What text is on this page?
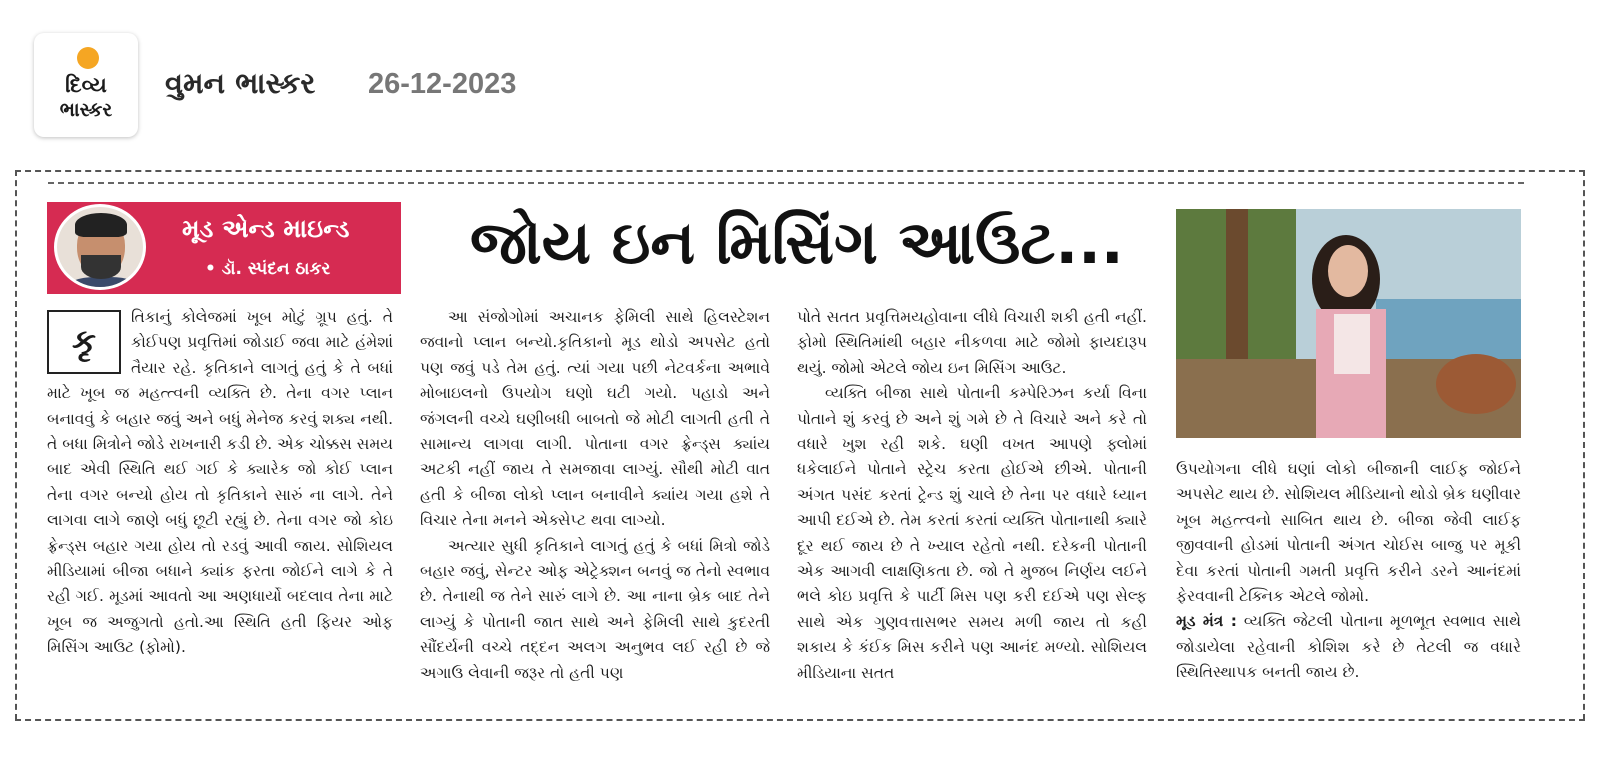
દિવ્ય
ભાસ્કર
વુમન ભાસ્કર 26-12-2023
મૂડ એન્ડ માઇન્ડ
• ડૉ. સ્પંદન ઠાકર જોય ઇન મિસિંગ આઉટ...

તિકાનું કોલેજમાં ખૂબ મોટું ગ્રૂપ હતું. તે કોઈપણ પ્રવૃત્તિમાં જોડાઈ જવા માટે હંમેશાં તૈયાર રહે. કૃતિકાને લાગતું હતું કે તે બધાં માટે ખૂબ જ મહત્ત્વની વ્યક્તિ છે. તેના વગર પ્લાન બનાવવું કે બહાર જવું અને બધું મેનેજ કરવું શક્ય નથી. તે બધા મિત્રોને જોડે રાખનારી કડી છે. એક ચોક્કસ સમય બાદ એવી સ્થિતિ થઈ ગઈ કે ક્યારેક જો કોઈ પ્લાન તેના વગર બન્યો હોય તો કૃતિકાને સારું ના લાગે. તેને લાગવા લાગે જાણે બધું છૂટી રહ્યું છે. તેના વગર જો કોઇ ફ્રેન્ડ્સ બહાર ગયા હોય તો રડવું આવી જાય. સોશિયલ મીડિયામાં બીજા બધાને ક્યાંક ફરતા જોઈને લાગે કે તે રહી ગઈ. મૂડમાં આવતો આ અણધાર્યો બદલાવ તેના માટે ખૂબ જ અજુગતો હતો.આ સ્થિતિ હતી ફિયર ઓફ મિસિંગ આઉટ (ફોમો).

કૃ

આ સંજોગોમાં અચાનક ફેમિલી સાથે હિલસ્ટેશન જવાનો પ્લાન બન્યો.કૃતિકાનો મૂડ થોડો અપસેટ હતો પણ જવું પડે તેમ હતું. ત્યાં ગયા પછી નેટવર્કના અભાવે મોબાઇલનો ઉપયોગ ઘણો ઘટી ગયો. પહાડો અને જંગલની વચ્ચે ઘણીબધી બાબતો જે મોટી લાગતી હતી તે સામાન્ય લાગવા લાગી. પોતાના વગર ફ્રેન્ડ્સ ક્યાંય અટકી નહીં જાય તે સમજાવા લાગ્યું. સૌથી મોટી વાત હતી કે બીજા લોકો પ્લાન બનાવીને ક્યાંય ગયા હશે તે વિચાર તેના મનને એક્સેપ્ટ થવા લાગ્યો.

અત્યાર સુધી કૃતિકાને લાગતું હતું કે બધાં મિત્રો જોડે બહાર જવું, સેન્ટર ઓફ એટ્રેક્શન બનવું જ તેનો સ્વભાવ છે. તેનાથી જ તેને સારું લાગે છે. આ નાના બ્રેક બાદ તેને લાગ્યું કે પોતાની જાત સાથે અને ફેમિલી સાથે કુદરતી સૌંદર્યની વચ્ચે તદ્દન અલગ અનુભવ લઈ રહી છે જે અગાઉ લેવાની જરૂર તો હતી પણ

પોતે સતત પ્રવૃત્તિમયહોવાના લીધે વિચારી શકી હતી નહીં. ફોમો સ્થિતિમાંથી બહાર નીકળવા માટે જોમો ફાયદારૂપ થયું. જોમો એટલે જોય ઇન મિસિંગ આઉટ.

વ્યક્તિ બીજા સાથે પોતાની કમ્પેરિઝન કર્યા વિના પોતાને શું કરવું છે અને શું ગમે છે તે વિચારે અને કરે તો વધારે ખુશ રહી શકે. ઘણી વખત આપણે ફ્લોમાં ધકેલાઈને પોતાને સ્ટ્રેચ કરતા હોઈએ છીએ. પોતાની અંગત પસંદ કરતાં ટ્રેન્ડ શું ચાલે છે તેના પર વધારે ધ્યાન આપી દઈએ છે. તેમ કરતાં કરતાં વ્યક્તિ પોતાનાથી ક્યારે દૂર થઈ જાય છે તે ખ્યાલ રહેતો નથી. દરેકની પોતાની એક આગવી લાક્ષણિકતા છે. જો તે મુજબ નિર્ણય લઈને ભલે કોઇ પ્રવૃત્તિ કે પાર્ટી મિસ પણ કરી દઈએ પણ સેલ્ફ સાથે એક ગુણવત્તાસભર સમય મળી જાય તો કહી શકાય કે કંઈક મિસ કરીને પણ આનંદ મળ્યો. સોશિયલ મીડિયાના સતત

ઉપયોગના લીધે ઘણાં લોકો બીજાની લાઈફ જોઈને અપસેટ થાય છે. સોશિયલ મીડિયાનો થોડો બ્રેક ઘણીવાર ખૂબ મહત્ત્વનો સાબિત થાય છે. બીજા જેવી લાઈફ જીવવાની હોડમાં પોતાની અંગત ચોઈસ બાજુ પર મૂકી દેવા કરતાં પોતાની ગમતી પ્રવૃત્તિ કરીને ડરને આનંદમાં ફેરવવાની ટેક્નિક એટલે જોમો.

મૂડ મંત્ર : વ્યક્તિ જેટલી પોતાના મૂળભૂત સ્વભાવ સાથે જોડાયેલા રહેવાની કોશિશ કરે છે તેટલી જ વધારે સ્થિતિસ્થાપક બનતી જાય છે.
